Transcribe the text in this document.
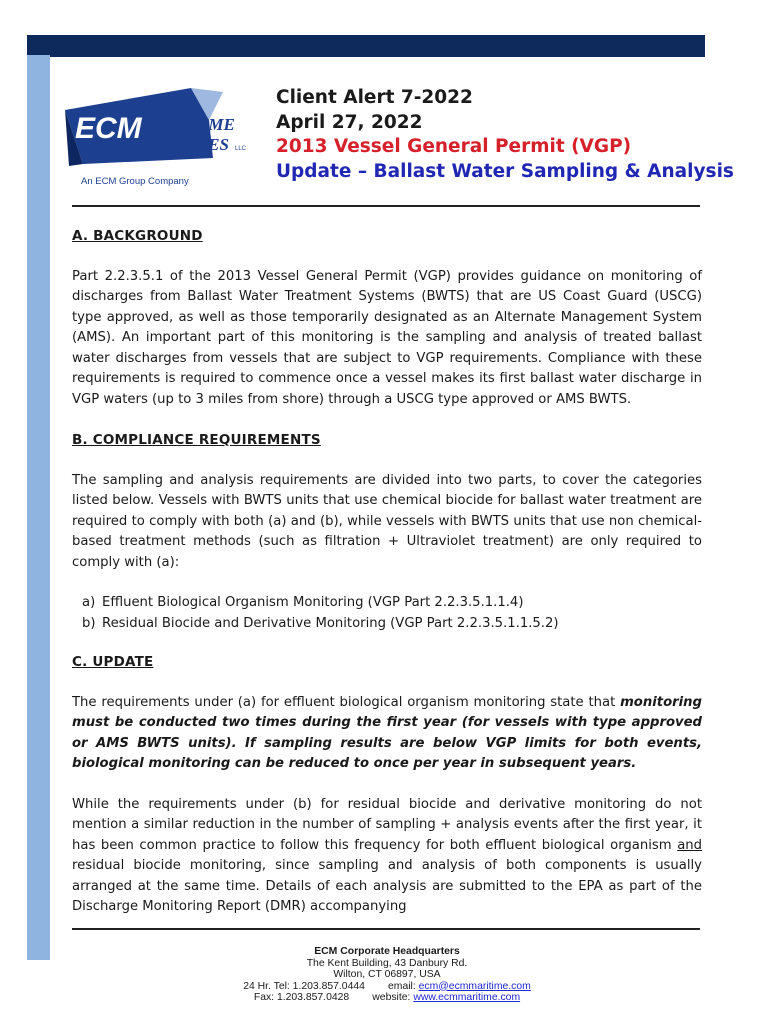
ECM MARITIME
SERVICES LLC
An ECM Group Company
Client Alert 7-2022
April 27, 2022
2013 Vessel General Permit (VGP)
Update – Ballast Water Sampling & Analysis
A. BACKGROUND

Part 2.2.3.5.1 of the 2013 Vessel General Permit (VGP) provides guidance on monitoring of discharges from Ballast Water Treatment Systems (BWTS) that are US Coast Guard (USCG) type approved, as well as those temporarily designated as an Alternate Management System (AMS). An important part of this monitoring is the sampling and analysis of treated ballast water discharges from vessels that are subject to VGP requirements. Compliance with these requirements is required to commence once a vessel makes its first ballast water discharge in VGP waters (up to 3 miles from shore) through a USCG type approved or AMS BWTS.

B. COMPLIANCE REQUIREMENTS

The sampling and analysis requirements are divided into two parts, to cover the categories listed below. Vessels with BWTS units that use chemical biocide for ballast water treatment are required to comply with both (a) and (b), while vessels with BWTS units that use non chemical-based treatment methods (such as filtration + Ultraviolet treatment) are only required to comply with (a):

a) Effluent Biological Organism Monitoring (VGP Part 2.2.3.5.1.1.4)
b) Residual Biocide and Derivative Monitoring (VGP Part 2.2.3.5.1.1.5.2)
C. UPDATE

The requirements under (a) for effluent biological organism monitoring state that monitoring must be conducted two times during the first year (for vessels with type approved or AMS BWTS units). If sampling results are below VGP limits for both events, biological monitoring can be reduced to once per year in subsequent years.

While the requirements under (b) for residual biocide and derivative monitoring do not mention a similar reduction in the number of sampling + analysis events after the first year, it has been common practice to follow this frequency for both effluent biological organism and residual biocide monitoring, since sampling and analysis of both components is usually arranged at the same time. Details of each analysis are submitted to the EPA as part of the Discharge Monitoring Report (DMR) accompanying

ECM Corporate Headquarters
The Kent Building, 43 Danbury Rd.
Wilton, CT 06897, USA
24 Hr. Tel: 1.203.857.0444 email: ecm@ecmmaritime.com
Fax: 1.203.857.0428 website: www.ecmmaritime.com
